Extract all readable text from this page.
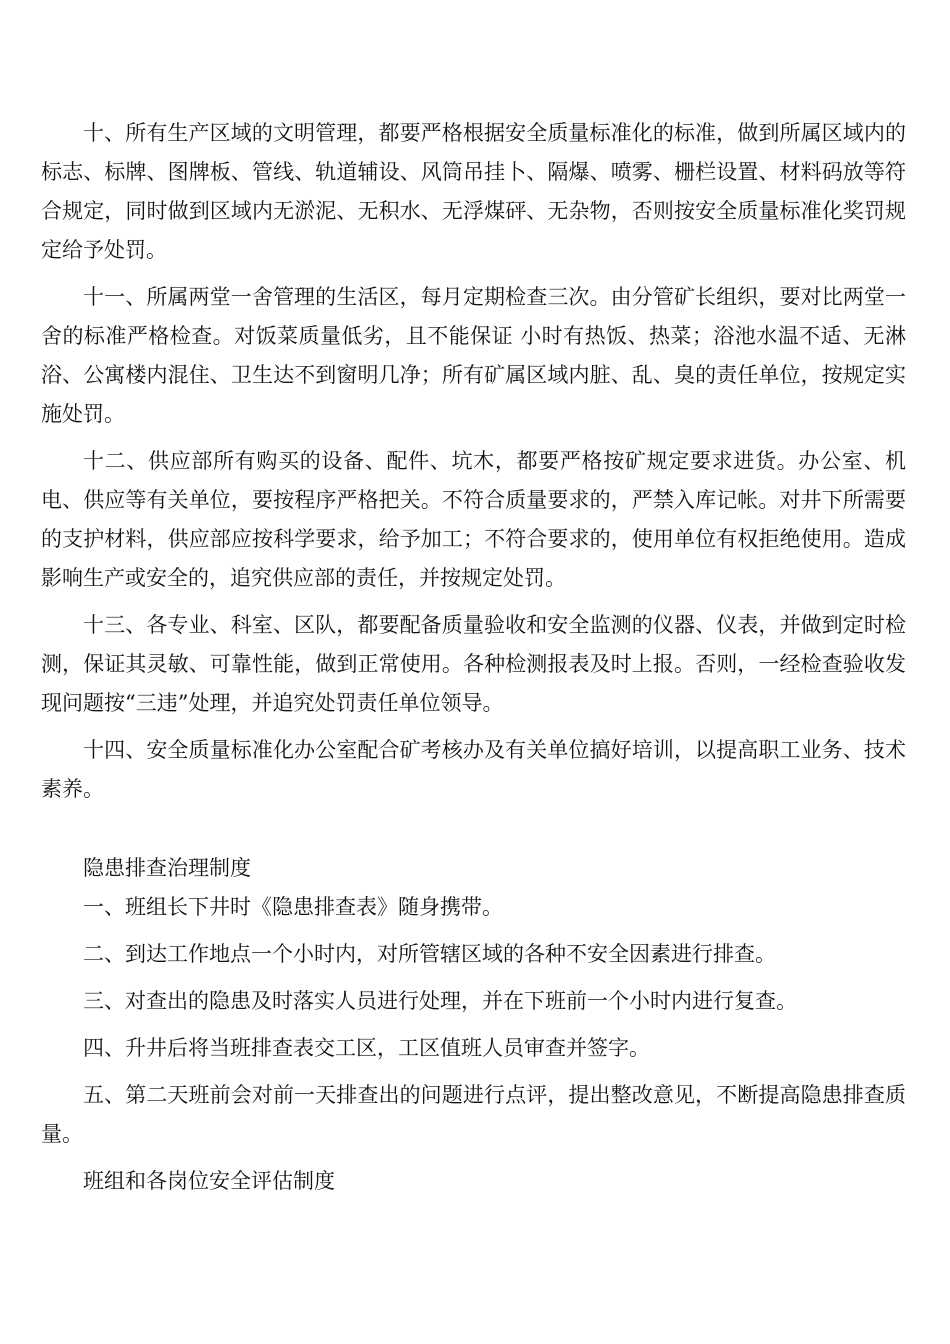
十、所有生产区域的文明管理，都要严格根据安全质量标准化的标准，做到所属区域内的标志、标牌、图牌板、管线、轨道辅设、风筒吊挂卜、隔爆、喷雾、栅栏设置、材料码放等符合规定，同时做到区域内无淤泥、无积水、无浮煤砰、无杂物，否则按安全质量标准化奖罚规定给予处罚。

十一、所属两堂一舍管理的生活区，每月定期检查三次。由分管矿长组织，要对比两堂一舍的标准严格检查。对饭菜质量低劣，且不能保证 小时有热饭、热菜；浴池水温不适、无淋浴、公寓楼内混住、卫生达不到窗明几净；所有矿属区域内脏、乱、臭的责任单位，按规定实施处罚。

十二、供应部所有购买的设备、配件、坑木，都要严格按矿规定要求进货。办公室、机电、供应等有关单位，要按程序严格把关。不符合质量要求的，严禁入库记帐。对井下所需要的支护材料，供应部应按科学要求，给予加工；不符合要求的，使用单位有权拒绝使用。造成影响生产或安全的，追究供应部的责任，并按规定处罚。

十三、各专业、科室、区队，都要配备质量验收和安全监测的仪器、仪表，并做到定时检测，保证其灵敏、可靠性能，做到正常使用。各种检测报表及时上报。否则，一经检查验收发现问题按“三违”处理，并追究处罚责任单位领导。

十四、安全质量标准化办公室配合矿考核办及有关单位搞好培训，以提高职工业务、技术素养。

隐患排查治理制度

一、班组长下井时《隐患排查表》随身携带。

二、到达工作地点一个小时内，对所管辖区域的各种不安全因素进行排查。

三、对查出的隐患及时落实人员进行处理，并在下班前一个小时内进行复查。

四、升井后将当班排查表交工区，工区值班人员审查并签字。

五、第二天班前会对前一天排查出的问题进行点评，提出整改意见，不断提高隐患排查质量。

班组和各岗位安全评估制度
